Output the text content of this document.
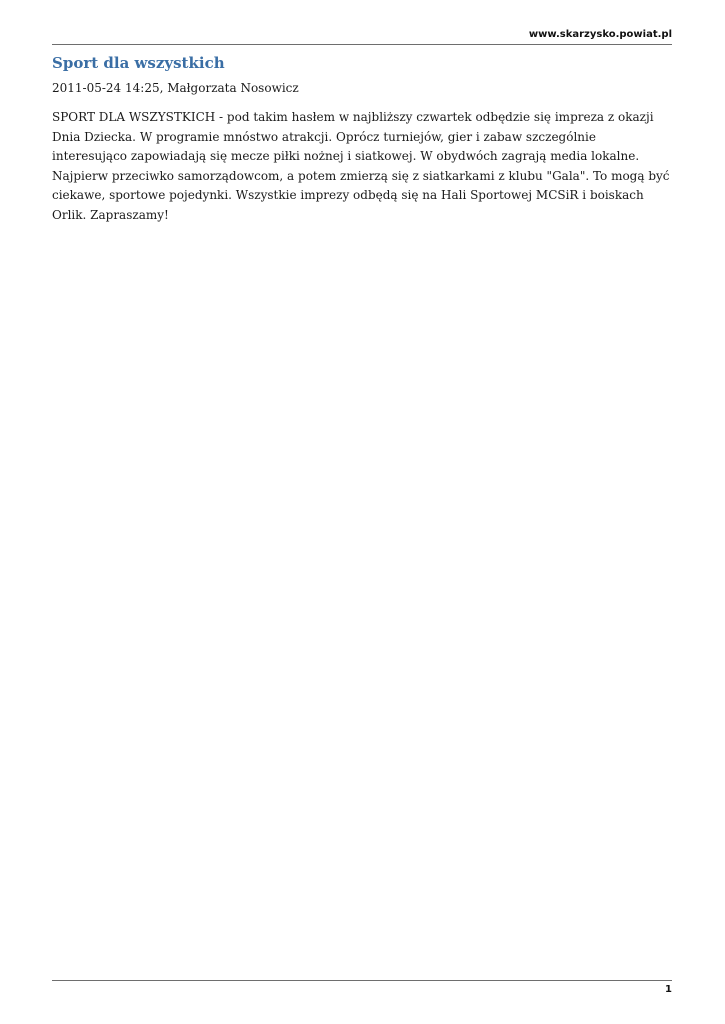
www.skarzysko.powiat.pl
Sport dla wszystkich
2011-05-24 14:25, Małgorzata Nosowicz

SPORT DLA WSZYSTKICH - pod takim hasłem w najbliższy czwartek odbędzie się impreza z okazji Dnia Dziecka. W programie mnóstwo atrakcji. Oprócz turniejów, gier i zabaw szczególnie interesująco zapowiadają się mecze piłki nożnej i siatkowej. W obydwóch zagrają media lokalne. Najpierw przeciwko samorządowcom, a potem zmierzą się z siatkarkami z klubu "Gala". To mogą być ciekawe, sportowe pojedynki. Wszystkie imprezy odbędą się na Hali Sportowej MCSiR i boiskach Orlik. Zapraszamy!

1
